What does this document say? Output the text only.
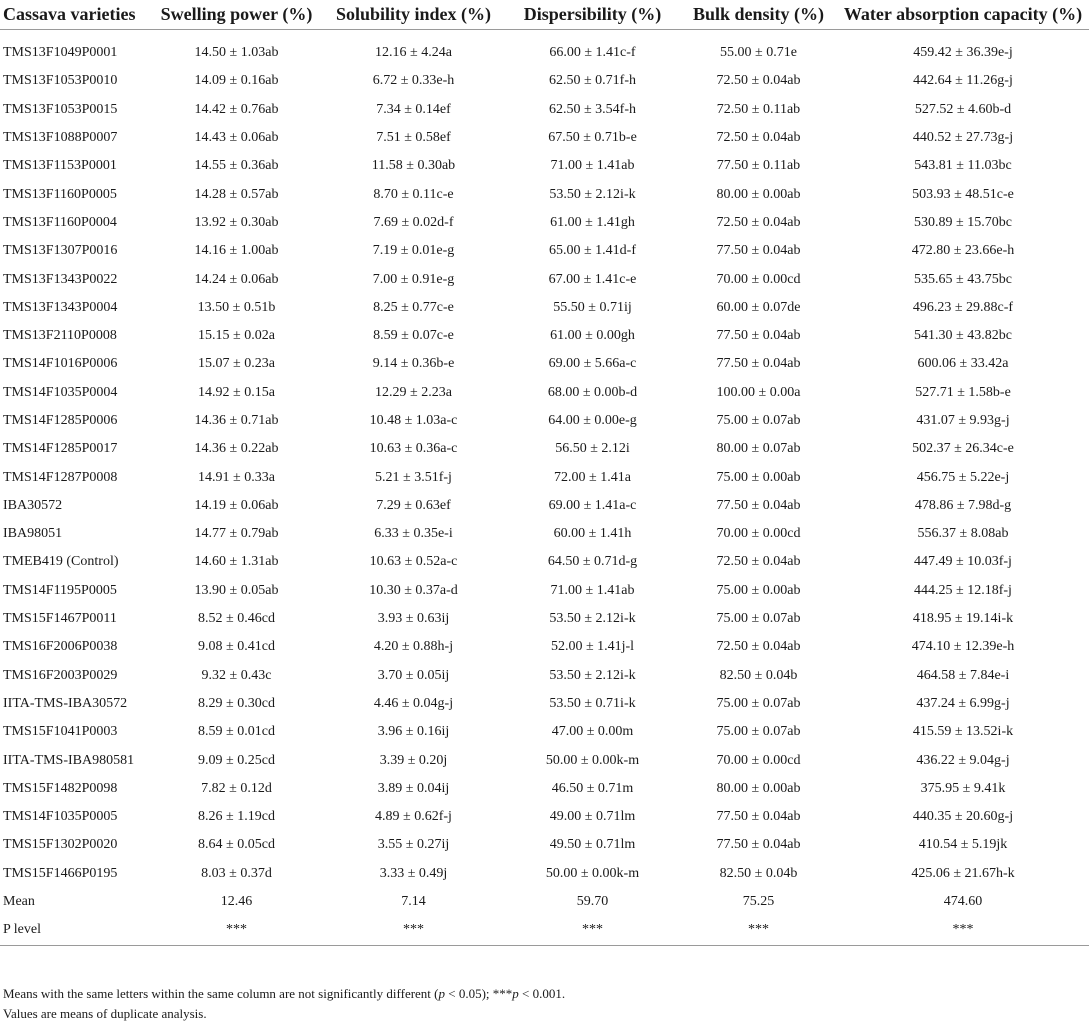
Cassava varieties	Swelling power (%)	Solubility index (%)	Dispersibility (%)	Bulk density (%)	Water absorption capacity (%)

TMS13F1049P0001	14.50 ± 1.03ab	12.16 ± 4.24a	66.00 ± 1.41c-f	55.00 ± 0.71e	459.42 ± 36.39e-j
TMS13F1053P0010	14.09 ± 0.16ab	6.72 ± 0.33e-h	62.50 ± 0.71f-h	72.50 ± 0.04ab	442.64 ± 11.26g-j
TMS13F1053P0015	14.42 ± 0.76ab	7.34 ± 0.14ef	62.50 ± 3.54f-h	72.50 ± 0.11ab	527.52 ± 4.60b-d
TMS13F1088P0007	14.43 ± 0.06ab	7.51 ± 0.58ef	67.50 ± 0.71b-e	72.50 ± 0.04ab	440.52 ± 27.73g-j
TMS13F1153P0001	14.55 ± 0.36ab	11.58 ± 0.30ab	71.00 ± 1.41ab	77.50 ± 0.11ab	543.81 ± 11.03bc
TMS13F1160P0005	14.28 ± 0.57ab	8.70 ± 0.11c-e	53.50 ± 2.12i-k	80.00 ± 0.00ab	503.93 ± 48.51c-e
TMS13F1160P0004	13.92 ± 0.30ab	7.69 ± 0.02d-f	61.00 ± 1.41gh	72.50 ± 0.04ab	530.89 ± 15.70bc
TMS13F1307P0016	14.16 ± 1.00ab	7.19 ± 0.01e-g	65.00 ± 1.41d-f	77.50 ± 0.04ab	472.80 ± 23.66e-h
TMS13F1343P0022	14.24 ± 0.06ab	7.00 ± 0.91e-g	67.00 ± 1.41c-e	70.00 ± 0.00cd	535.65 ± 43.75bc
TMS13F1343P0004	13.50 ± 0.51b	8.25 ± 0.77c-e	55.50 ± 0.71ij	60.00 ± 0.07de	496.23 ± 29.88c-f
TMS13F2110P0008	15.15 ± 0.02a	8.59 ± 0.07c-e	61.00 ± 0.00gh	77.50 ± 0.04ab	541.30 ± 43.82bc
TMS14F1016P0006	15.07 ± 0.23a	9.14 ± 0.36b-e	69.00 ± 5.66a-c	77.50 ± 0.04ab	600.06 ± 33.42a
TMS14F1035P0004	14.92 ± 0.15a	12.29 ± 2.23a	68.00 ± 0.00b-d	100.00 ± 0.00a	527.71 ± 1.58b-e
TMS14F1285P0006	14.36 ± 0.71ab	10.48 ± 1.03a-c	64.00 ± 0.00e-g	75.00 ± 0.07ab	431.07 ± 9.93g-j
TMS14F1285P0017	14.36 ± 0.22ab	10.63 ± 0.36a-c	56.50 ± 2.12i	80.00 ± 0.07ab	502.37 ± 26.34c-e
TMS14F1287P0008	14.91 ± 0.33a	5.21 ± 3.51f-j	72.00 ± 1.41a	75.00 ± 0.00ab	456.75 ± 5.22e-j
IBA30572	14.19 ± 0.06ab	7.29 ± 0.63ef	69.00 ± 1.41a-c	77.50 ± 0.04ab	478.86 ± 7.98d-g
IBA98051	14.77 ± 0.79ab	6.33 ± 0.35e-i	60.00 ± 1.41h	70.00 ± 0.00cd	556.37 ± 8.08ab
TMEB419 (Control)	14.60 ± 1.31ab	10.63 ± 0.52a-c	64.50 ± 0.71d-g	72.50 ± 0.04ab	447.49 ± 10.03f-j
TMS14F1195P0005	13.90 ± 0.05ab	10.30 ± 0.37a-d	71.00 ± 1.41ab	75.00 ± 0.00ab	444.25 ± 12.18f-j
TMS15F1467P0011	8.52 ± 0.46cd	3.93 ± 0.63ij	53.50 ± 2.12i-k	75.00 ± 0.07ab	418.95 ± 19.14i-k
TMS16F2006P0038	9.08 ± 0.41cd	4.20 ± 0.88h-j	52.00 ± 1.41j-l	72.50 ± 0.04ab	474.10 ± 12.39e-h
TMS16F2003P0029	9.32 ± 0.43c	3.70 ± 0.05ij	53.50 ± 2.12i-k	82.50 ± 0.04b	464.58 ± 7.84e-i
IITA-TMS-IBA30572	8.29 ± 0.30cd	4.46 ± 0.04g-j	53.50 ± 0.71i-k	75.00 ± 0.07ab	437.24 ± 6.99g-j
TMS15F1041P0003	8.59 ± 0.01cd	3.96 ± 0.16ij	47.00 ± 0.00m	75.00 ± 0.07ab	415.59 ± 13.52i-k
IITA-TMS-IBA980581	9.09 ± 0.25cd	3.39 ± 0.20j	50.00 ± 0.00k-m	70.00 ± 0.00cd	436.22 ± 9.04g-j
TMS15F1482P0098	7.82 ± 0.12d	3.89 ± 0.04ij	46.50 ± 0.71m	80.00 ± 0.00ab	375.95 ± 9.41k
TMS14F1035P0005	8.26 ± 1.19cd	4.89 ± 0.62f-j	49.00 ± 0.71lm	77.50 ± 0.04ab	440.35 ± 20.60g-j
TMS15F1302P0020	8.64 ± 0.05cd	3.55 ± 0.27ij	49.50 ± 0.71lm	77.50 ± 0.04ab	410.54 ± 5.19jk
TMS15F1466P0195	8.03 ± 0.37d	3.33 ± 0.49j	50.00 ± 0.00k-m	82.50 ± 0.04b	425.06 ± 21.67h-k
Mean	12.46	7.14	59.70	75.25	474.60
P level	***	***	***	***	***
Means with the same letters within the same column are not significantly different (p < 0.05); ***p < 0.001.
Values are means of duplicate analysis.
